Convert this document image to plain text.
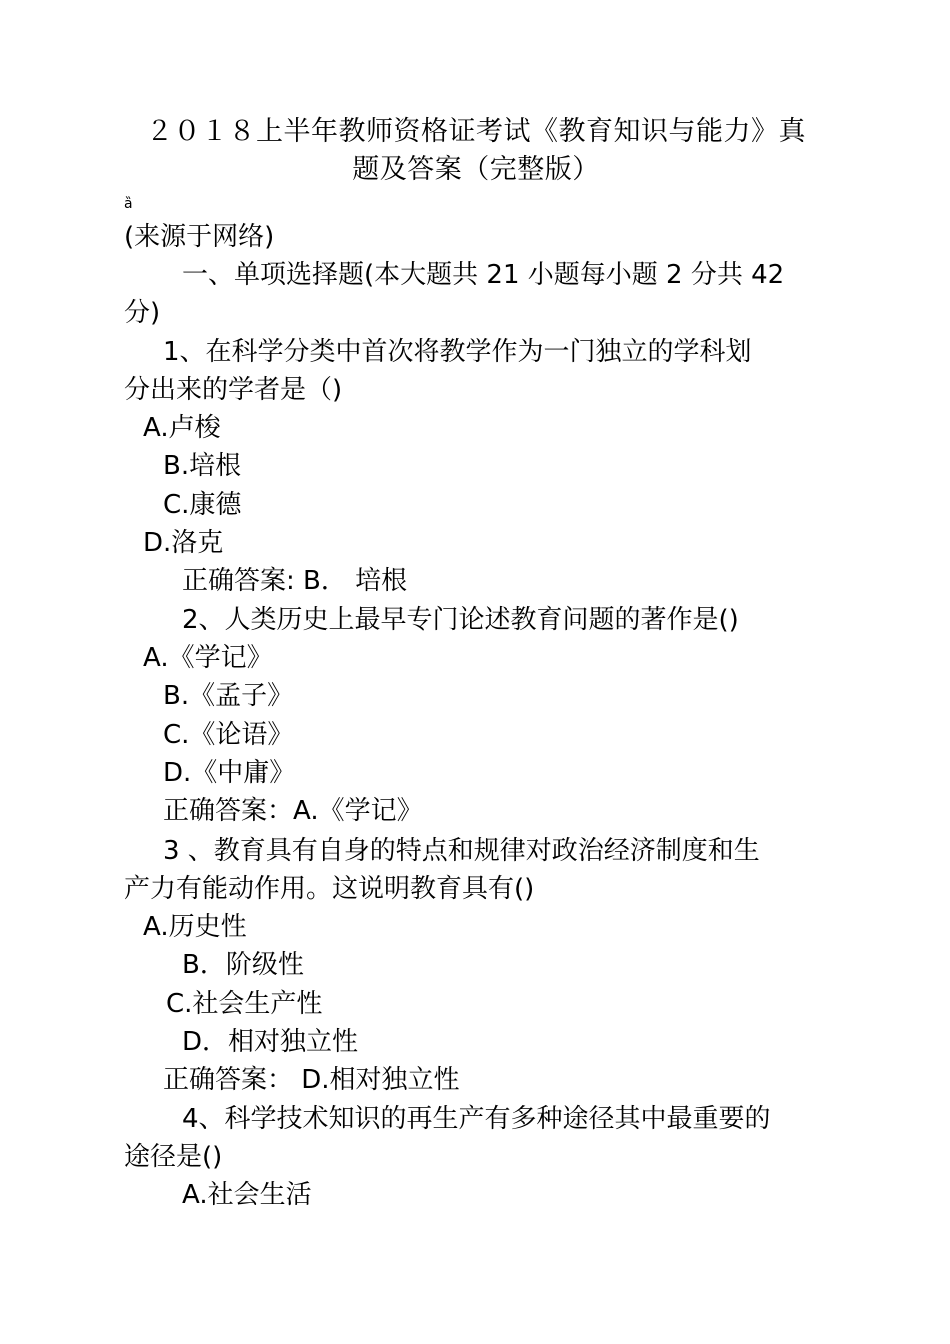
２０１８上半年教师资格证考试《教育知识与能力》真
题及答案（完整版）
ȁ

(来源于网络)

一、单项选择题(本大题共 21 小题每小题 2 分共 42

分)

1、在科学分类中首次将教学作为一门独立的学科划

分出来的学者是（)

A.卢梭

B.培根

C.康德

D.洛克

正确答案: B． 培根

2、人类历史上最早专门论述教育问题的著作是()

A.《学记》

B.《孟子》

C.《论语》

D.《中庸》

正确答案：A.《学记》

3 、教育具有自身的特点和规律对政治经济制度和生

产力有能动作用。这说明教育具有()

A.历史性

B．阶级性

C.社会生产性

D．相对独立性

正确答案： D.相对独立性

4、科学技术知识的再生产有多种途径其中最重要的

途径是()

A.社会生活
